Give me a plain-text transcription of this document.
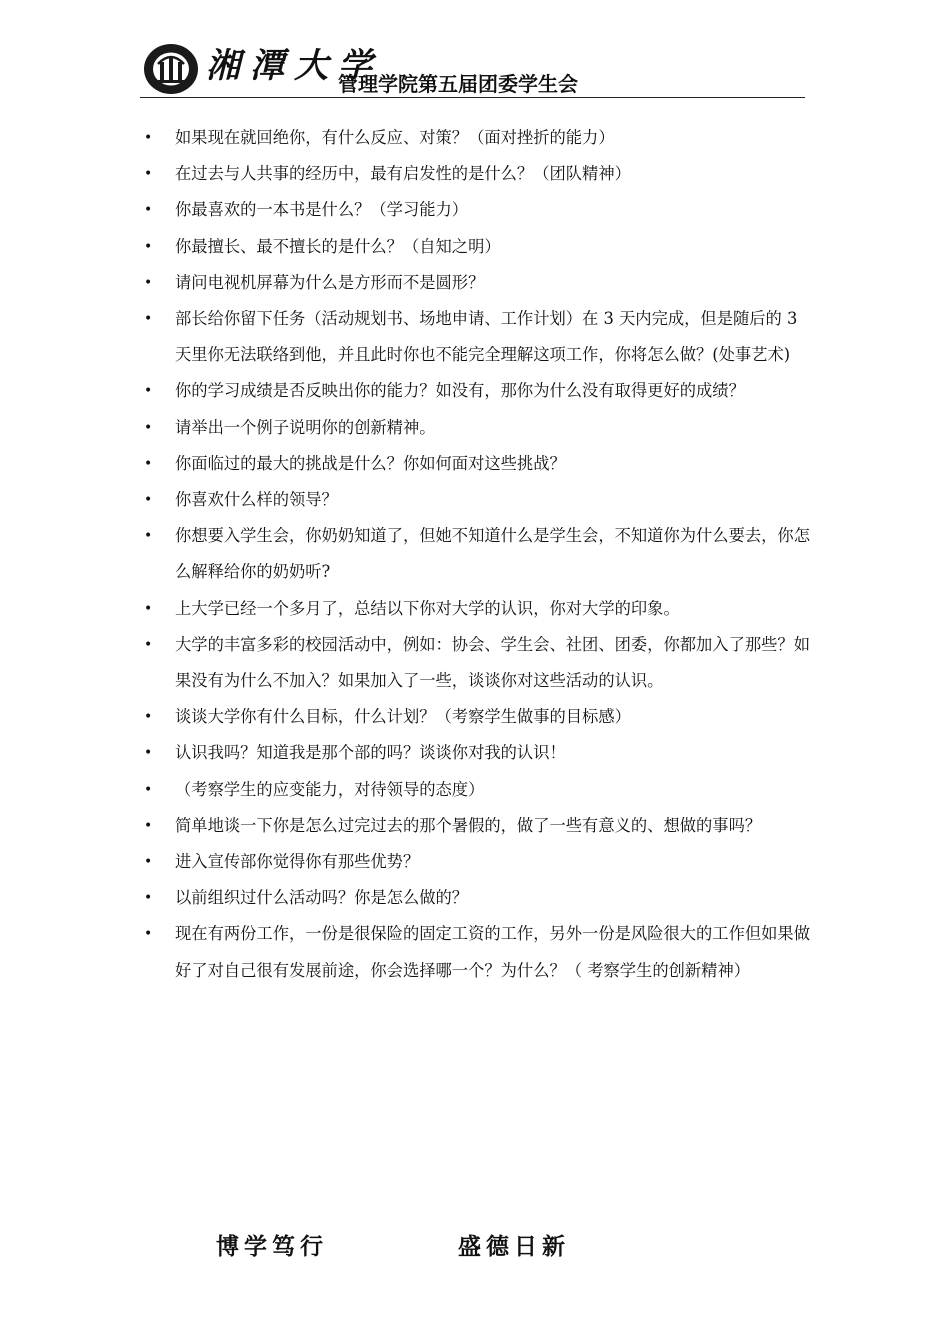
湘潭大学
管理学院第五届团委学生会
• 如果现在就回绝你，有什么反应、对策？（面对挫折的能力）
• 在过去与人共事的经历中，最有启发性的是什么？（团队精神）
• 你最喜欢的一本书是什么？（学习能力）
• 你最擅长、最不擅长的是什么？（自知之明）
• 请问电视机屏幕为什么是方形而不是圆形？
• 部长给你留下任务（活动规划书、场地申请、工作计划）在 3 天内完成，但是随后的 3 天里你无法联络到他，并且此时你也不能完全理解这项工作，你将怎么做？(处事艺术)
• 你的学习成绩是否反映出你的能力？如没有，那你为什么没有取得更好的成绩？
• 请举出一个例子说明你的创新精神。
• 你面临过的最大的挑战是什么？你如何面对这些挑战？
• 你喜欢什么样的领导？
• 你想要入学生会，你奶奶知道了，但她不知道什么是学生会，不知道你为什么要去，你怎么解释给你的奶奶听?
• 上大学已经一个多月了，总结以下你对大学的认识，你对大学的印象。
• 大学的丰富多彩的校园活动中，例如：协会、学生会、社团、团委，你都加入了那些？如果没有为什么不加入？如果加入了一些，谈谈你对这些活动的认识。
• 谈谈大学你有什么目标，什么计划？（考察学生做事的目标感）
• 认识我吗？知道我是那个部的吗？谈谈你对我的认识！
• （考察学生的应变能力，对待领导的态度）
• 简单地谈一下你是怎么过完过去的那个暑假的，做了一些有意义的、想做的事吗？
• 进入宣传部你觉得你有那些优势？
• 以前组织过什么活动吗？你是怎么做的？
• 现在有两份工作，一份是很保险的固定工资的工作，另外一份是风险很大的工作但如果做好了对自己很有发展前途，你会选择哪一个？为什么？（ 考察学生的创新精神）
博学笃行	盛德日新
